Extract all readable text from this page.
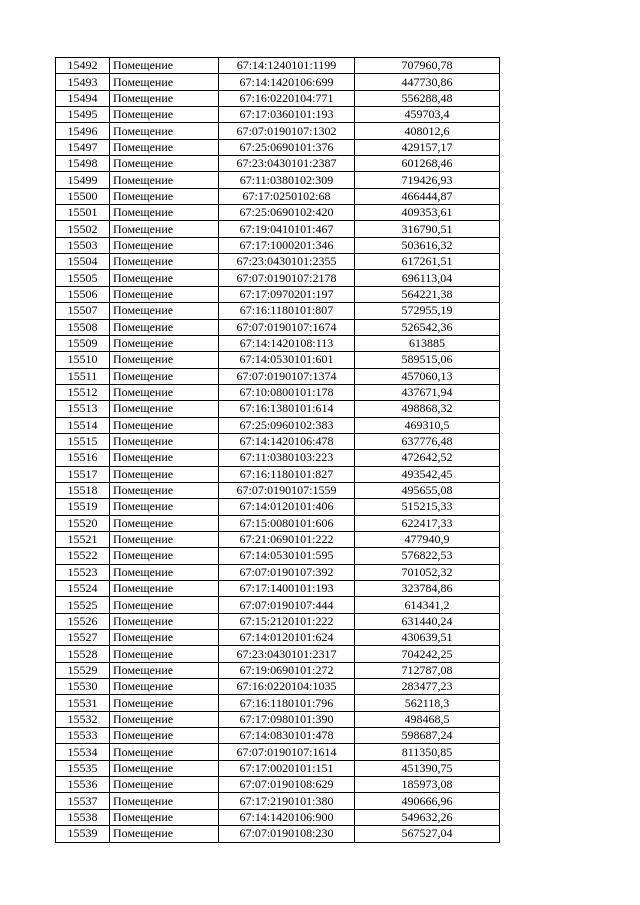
15492	Помещение	67:14:1240101:1199	707960,78
15493	Помещение	67:14:1420106:699	447730,86
15494	Помещение	67:16:0220104:771	556288,48
15495	Помещение	67:17:0360101:193	459703,4
15496	Помещение	67:07:0190107:1302	408012,6
15497	Помещение	67:25:0690101:376	429157,17
15498	Помещение	67:23:0430101:2387	601268,46
15499	Помещение	67:11:0380102:309	719426,93
15500	Помещение	67:17:0250102:68	466444,87
15501	Помещение	67:25:0690102:420	409353,61
15502	Помещение	67:19:0410101:467	316790,51
15503	Помещение	67:17:1000201:346	503616,32
15504	Помещение	67:23:0430101:2355	617261,51
15505	Помещение	67:07:0190107:2178	696113,04
15506	Помещение	67:17:0970201:197	564221,38
15507	Помещение	67:16:1180101:807	572955,19
15508	Помещение	67:07:0190107:1674	526542,36
15509	Помещение	67:14:1420108:113	613885
15510	Помещение	67:14:0530101:601	589515,06
15511	Помещение	67:07:0190107:1374	457060,13
15512	Помещение	67:10:0800101:178	437671,94
15513	Помещение	67:16:1380101:614	498868,32
15514	Помещение	67:25:0960102:383	469310,5
15515	Помещение	67:14:1420106:478	637776,48
15516	Помещение	67:11:0380103:223	472642,52
15517	Помещение	67:16:1180101:827	493542,45
15518	Помещение	67:07:0190107:1559	495655,08
15519	Помещение	67:14:0120101:406	515215,33
15520	Помещение	67:15:0080101:606	622417,33
15521	Помещение	67:21:0690101:222	477940,9
15522	Помещение	67:14:0530101:595	576822,53
15523	Помещение	67:07:0190107:392	701052,32
15524	Помещение	67:17:1400101:193	323784,86
15525	Помещение	67:07:0190107:444	614341,2
15526	Помещение	67:15:2120101:222	631440,24
15527	Помещение	67:14:0120101:624	430639,51
15528	Помещение	67:23:0430101:2317	704242,25
15529	Помещение	67:19:0690101:272	712787,08
15530	Помещение	67:16:0220104:1035	283477,23
15531	Помещение	67:16:1180101:796	562118,3
15532	Помещение	67:17:0980101:390	498468,5
15533	Помещение	67:14:0830101:478	598687,24
15534	Помещение	67:07:0190107:1614	811350,85
15535	Помещение	67:17:0020101:151	451390,75
15536	Помещение	67:07:0190108:629	185973,08
15537	Помещение	67:17:2190101:380	490666,96
15538	Помещение	67:14:1420106:900	549632,26
15539	Помещение	67:07:0190108:230	567527,04
